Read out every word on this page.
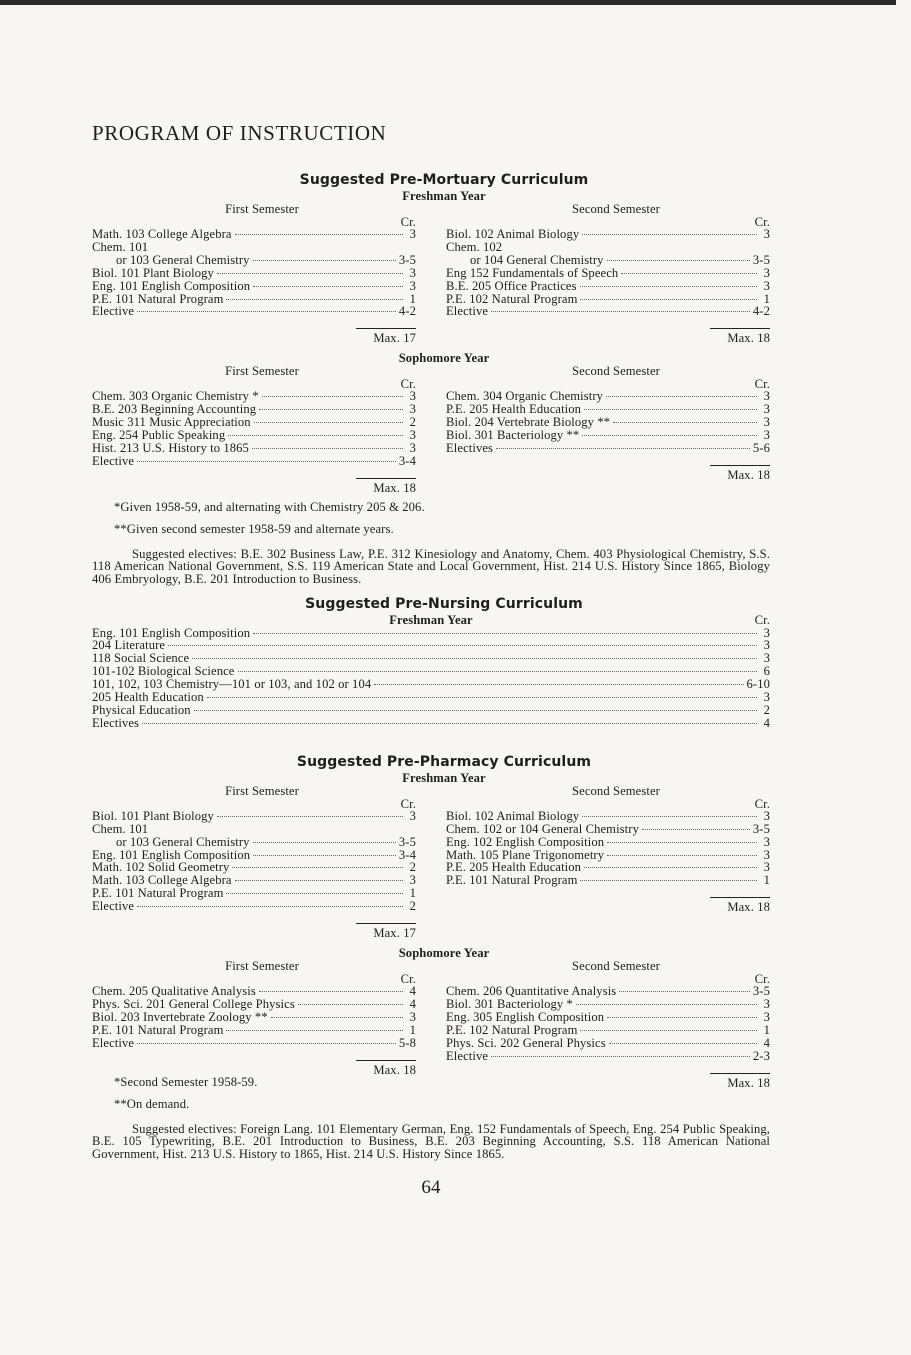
PROGRAM OF INSTRUCTION
Suggested Pre-Mortuary Curriculum
Freshman Year
First Semester
Cr.
Math. 103 College Algebra	3
Chem. 101
or 103 General Chemistry	3-5
Biol. 101 Plant Biology	3
Eng. 101 English Composition	3
P.E. 101 Natural Program	1
Elective	4-2
Max. 17
Second Semester
Cr.
Biol. 102 Animal Biology	3
Chem. 102
or 104 General Chemistry	3-5
Eng 152 Fundamentals of Speech	3
B.E. 205 Office Practices	3
P.E. 102 Natural Program	1
Elective	4-2
Max. 18
Sophomore Year
First Semester
Cr.
Chem. 303 Organic Chemistry *	3
B.E. 203 Beginning Accounting	3
Music 311 Music Appreciation	2
Eng. 254 Public Speaking	3
Hist. 213 U.S. History to 1865	3
Elective	3-4
Max. 18
Second Semester
Cr.
Chem. 304 Organic Chemistry	3
P.E. 205 Health Education	3
Biol. 204 Vertebrate Biology **	3
Biol. 301 Bacteriology **	3
Electives	5-6
Max. 18
*Given 1958-59, and alternating with Chemistry 205 & 206.
**Given second semester 1958-59 and alternate years.
Suggested electives: B.E. 302 Business Law, P.E. 312 Kinesiology and Anatomy, Chem. 403 Physiological Chemistry, S.S. 118 American National Government, S.S. 119 American State and Local Government, Hist. 214 U.S. History Since 1865, Biology 406 Embryology, B.E. 201 Introduction to Business.
Suggested Pre-Nursing Curriculum
Freshman Year	Cr.
Eng. 101 English Composition	3
204 Literature	3
118 Social Science	3
101-102 Biological Science	6
101, 102, 103 Chemistry—101 or 103, and 102 or 104	6-10
205 Health Education	3
Physical Education	2
Electives	4
Suggested Pre-Pharmacy Curriculum
Freshman Year
First Semester
Cr.
Biol. 101 Plant Biology	3
Chem. 101
or 103 General Chemistry	3-5
Eng. 101 English Composition	3-4
Math. 102 Solid Geometry	2
Math. 103 College Algebra	3
P.E. 101 Natural Program	1
Elective	2
Max. 17
Second Semester
Cr.
Biol. 102 Animal Biology	3
Chem. 102 or 104 General Chemistry	3-5
Eng. 102 English Composition	3
Math. 105 Plane Trigonometry	3
P.E. 205 Health Education	3
P.E. 101 Natural Program	1
Max. 18
Sophomore Year
First Semester
Cr.
Chem. 205 Qualitative Analysis	4
Phys. Sci. 201 General College Physics	4
Biol. 203 Invertebrate Zoology **	3
P.E. 101 Natural Program	1
Elective	5-8
Max. 18
Second Semester
Cr.
Chem. 206 Quantitative Analysis	3-5
Biol. 301 Bacteriology *	3
Eng. 305 English Composition	3
P.E. 102 Natural Program	1
Phys. Sci. 202 General Physics	4
Elective	2-3
Max. 18
*Second Semester 1958-59.
**On demand.
Suggested electives: Foreign Lang. 101 Elementary German, Eng. 152 Fundamentals of Speech, Eng. 254 Public Speaking, B.E. 105 Typewriting, B.E. 201 Introduction to Business, B.E. 203 Beginning Accounting, S.S. 118 American National Government, Hist. 213 U.S. History to 1865, Hist. 214 U.S. History Since 1865.
64
